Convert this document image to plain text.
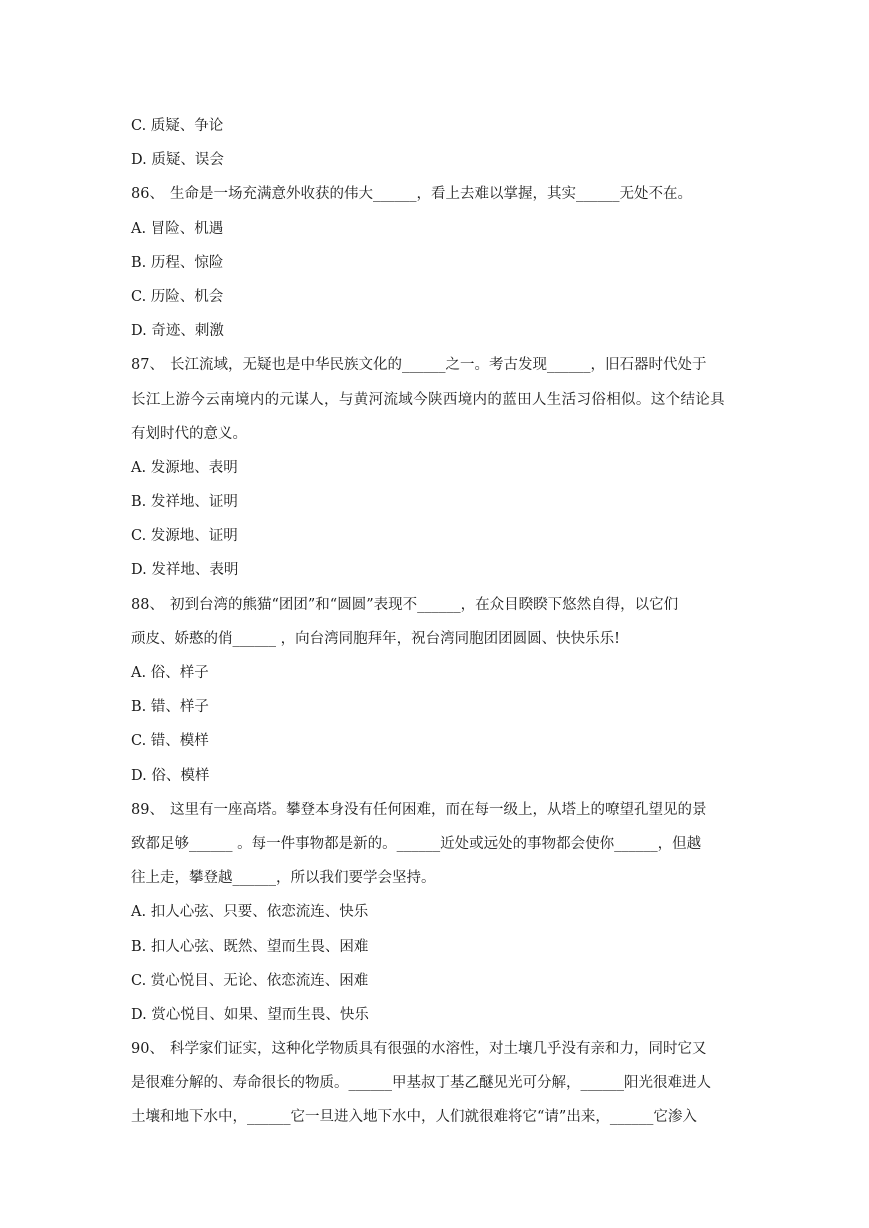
C. 质疑、争论
D. 质疑、误会
86、 生命是一场充满意外收获的伟大______，看上去难以掌握，其实______无处不在。
A. 冒险、机遇
B. 历程、惊险
C. 历险、机会
D. 奇迹、刺激
87、 长江流域，无疑也是中华民族文化的______之一。考古发现______，旧石器时代处于
长江上游今云南境内的元谋人，与黄河流域今陕西境内的蓝田人生活习俗相似。这个结论具
有划时代的意义。
A. 发源地、表明
B. 发祥地、证明
C. 发源地、证明
D. 发祥地、表明
88、 初到台湾的熊猫“团团”和“圆圆”表现不______，在众目睽睽下悠然自得，以它们
顽皮、娇憨的俏______ ，向台湾同胞拜年，祝台湾同胞团团圆圆、快快乐乐!
A. 俗、样子
B. 错、样子
C. 错、模样
D. 俗、模样
89、 这里有一座高塔。攀登本身没有任何困难，而在每一级上，从塔上的嘹望孔望见的景
致都足够______ 。每一件事物都是新的。______近处或远处的事物都会使你______，但越
往上走，攀登越______，所以我们要学会坚持。
A. 扣人心弦、只要、依恋流连、快乐
B. 扣人心弦、既然、望而生畏、困难
C. 赏心悦目、无论、依恋流连、困难
D. 赏心悦目、如果、望而生畏、快乐
90、 科学家们证实，这种化学物质具有很强的水溶性，对土壤几乎没有亲和力，同时它又
是很难分解的、寿命很长的物质。______甲基叔丁基乙醚见光可分解，______阳光很难进人
土壤和地下水中，______它一旦进入地下水中，人们就很难将它“请”出来，______它渗入
